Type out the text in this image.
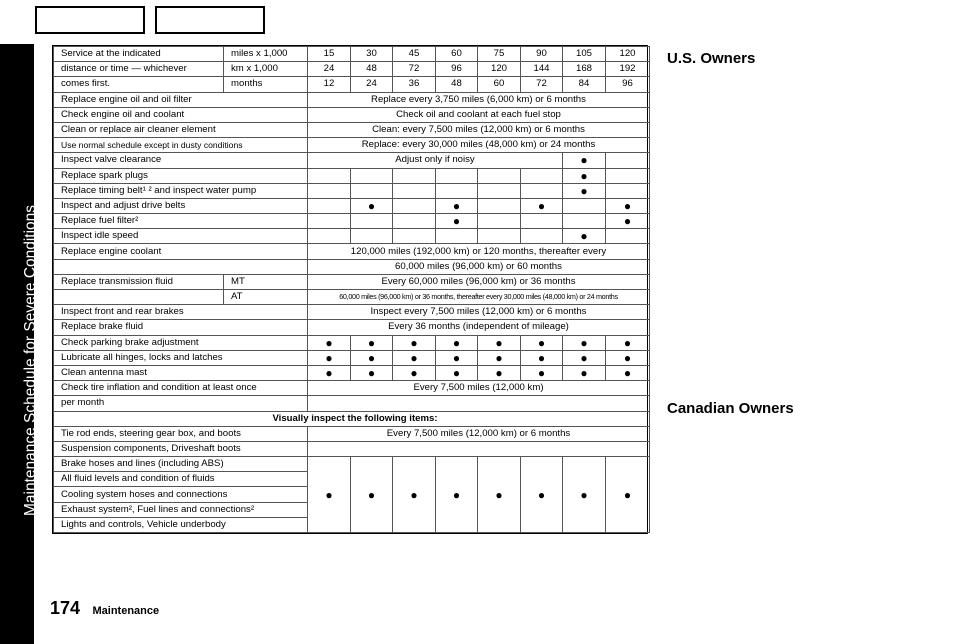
Maintenance Schedule for Severe Conditions
Service at the indicated	miles x 1,000	15	30	45	60	75	90	105	120
distance or time — whichever	km x 1,000	24	48	72	96	120	144	168	192
comes first.	months	12	24	36	48	60	72	84	96
Replace engine oil and oil filter		Replace every 3,750 miles (6,000 km) or 6 months							
Check engine oil and coolant		Check oil and coolant at each fuel stop							
Clean or replace air cleaner element		Clean: every 7,500 miles (12,000 km) or 6 months							
Use normal schedule except in dusty conditions		Replace: every 30,000 miles (48,000 km) or 24 months							
Inspect valve clearance		Adjust only if noisy						●	
Replace spark plugs								●	
Replace timing belt¹ ² and inspect water pump								●	
Inspect and adjust drive belts			●		●		●		●
Replace fuel filter²					●				●
Inspect idle speed								●	
Replace engine coolant		120,000 miles (192,000 km) or 120 months, thereafter every							
		60,000 miles (96,000 km) or 60 months							
Replace transmission fluid	MT	Every 60,000 miles (96,000 km) or 36 months							
	AT	60,000 miles (96,000 km) or 36 months, thereafter every 30,000 miles (48,000 km) or 24 months							
Inspect front and rear brakes		Inspect every 7,500 miles (12,000 km) or 6 months							
Replace brake fluid		Every 36 months (independent of mileage)							
Check parking brake adjustment		●	●	●	●	●	●	●	●
Lubricate all hinges, locks and latches		●	●	●	●	●	●	●	●
Clean antenna mast		●	●	●	●	●	●	●	●
Check tire inflation and condition at least once		Every 7,500 miles (12,000 km)							
per month									
Visually inspect the following items:									
Tie rod ends, steering gear box, and boots		Every 7,500 miles (12,000 km) or 6 months							
Suspension components, Driveshaft boots									
Brake hoses and lines (including ABS)		●	●	●	●	●	●	●	●
All fluid levels and condition of fluids									
Cooling system hoses and connections									
Exhaust system², Fuel lines and connections²									
Lights and controls, Vehicle underbody									
U.S. Owners
Canadian Owners
174 Maintenance
